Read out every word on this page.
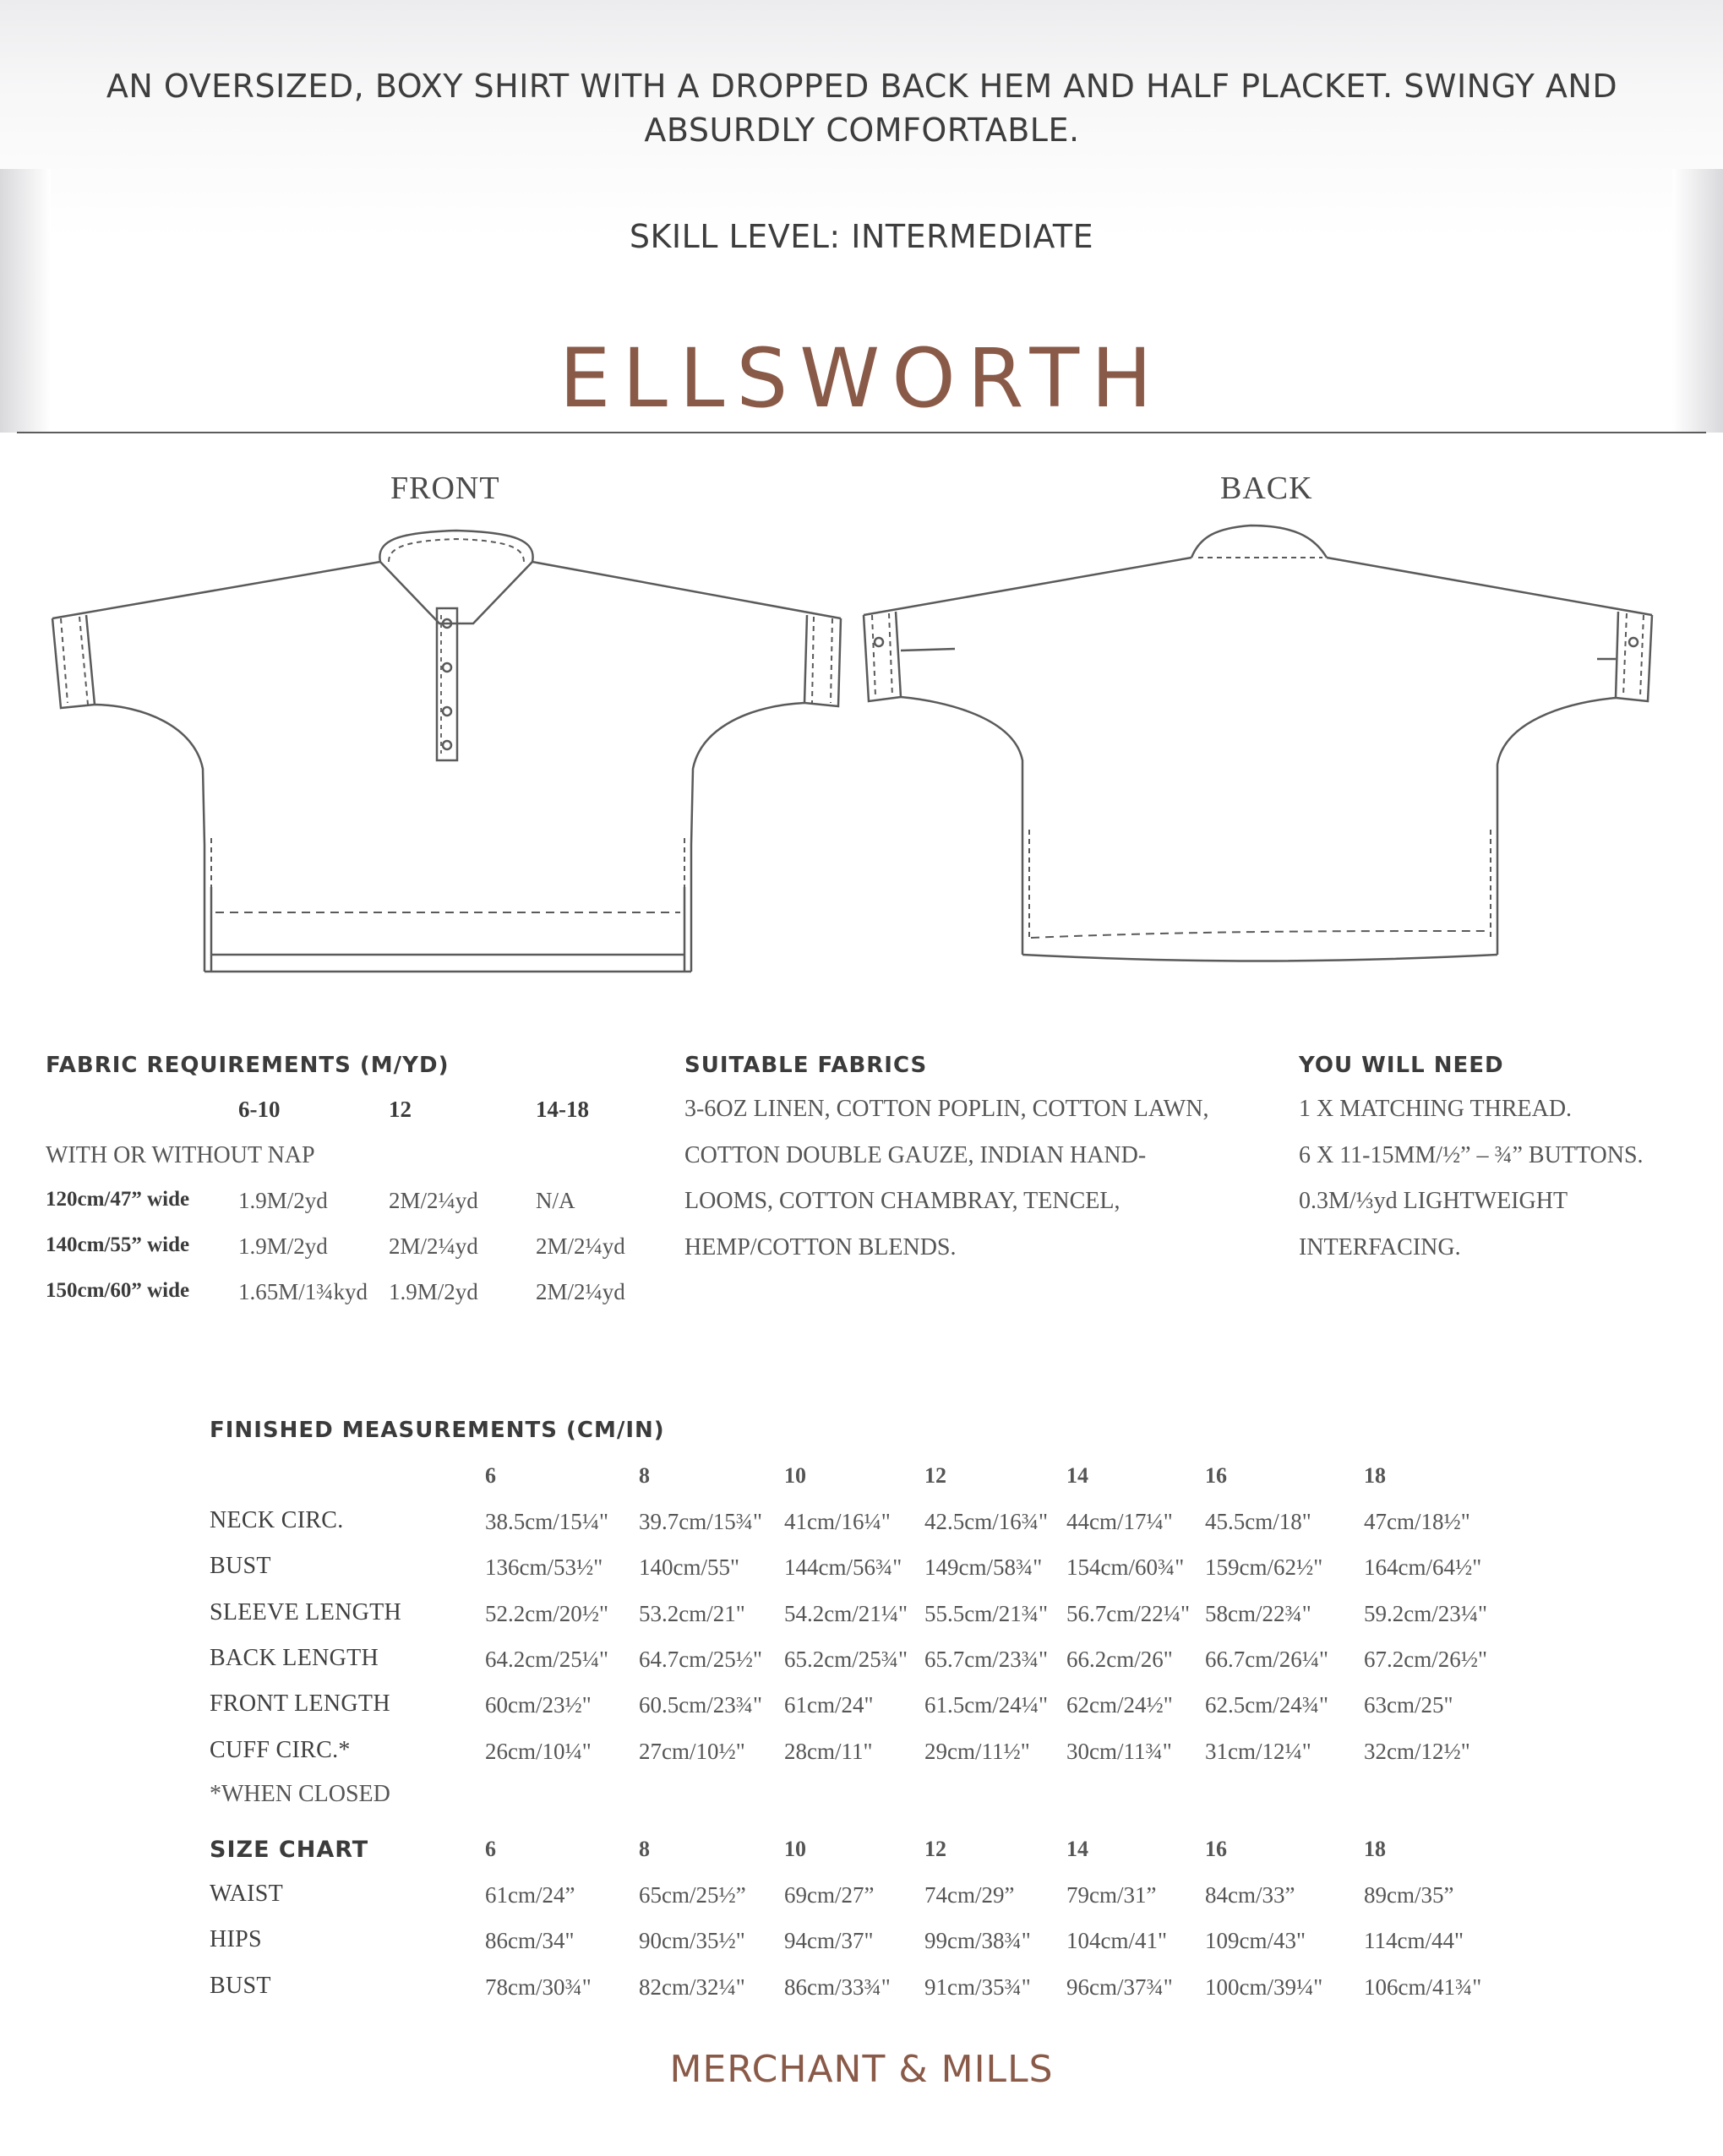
AN OVERSIZED, BOXY SHIRT WITH A DROPPED BACK HEM AND HALF PLACKET. SWINGY AND ABSURDLY COMFORTABLE.
SKILL LEVEL: INTERMEDIATE
ELLSWORTH
FRONT	BACK
FABRIC REQUIREMENTS (M/YD)
6-10	12	14-18
WITH OR WITHOUT NAP
120cm/47” wide 1.9M/2yd	2M/2¼yd	N/A
140cm/55” wide 1.9M/2yd	2M/2¼yd	2M/2¼yd
150cm/60” wide 1.65M/1¾kyd 1.9M/2yd	2M/2¼yd
SUITABLE FABRICS
3-6OZ LINEN, COTTON POPLIN, COTTON LAWN,
COTTON DOUBLE GAUZE, INDIAN HAND-
LOOMS, COTTON CHAMBRAY, TENCEL,
HEMP/COTTON BLENDS.
YOU WILL NEED
1 X MATCHING THREAD.
6 X 11-15MM/½” – ¾” BUTTONS.
0.3M/⅓yd LIGHTWEIGHT
INTERFACING.
FINISHED MEASUREMENTS (CM/IN)
6	8	10	12	14	16	18
NECK CIRC.	38.5cm/15¼" 39.7cm/15¾" 41cm/16¼" 42.5cm/16¾" 44cm/17¼" 45.5cm/18" 47cm/18½"
BUST	136cm/53½" 140cm/55" 144cm/56¾" 149cm/58¾" 154cm/60¾" 159cm/62½" 164cm/64½"
SLEEVE LENGTH	52.2cm/20½" 53.2cm/21" 54.2cm/21¼" 55.5cm/21¾" 56.7cm/22¼" 58cm/22¾" 59.2cm/23¼"
BACK LENGTH	64.2cm/25¼" 64.7cm/25½" 65.2cm/25¾" 65.7cm/23¾" 66.2cm/26" 66.7cm/26¼" 67.2cm/26½"
FRONT LENGTH	60cm/23½" 60.5cm/23¾" 61cm/24" 61.5cm/24¼" 62cm/24½" 62.5cm/24¾" 63cm/25"
CUFF CIRC.*	26cm/10¼" 27cm/10½" 28cm/11" 29cm/11½" 30cm/11¾" 31cm/12¼" 32cm/12½"
*WHEN CLOSED
SIZE CHART	6	8	10	12	14	16	18
WAIST	61cm/24”	65cm/25½” 69cm/27” 74cm/29” 79cm/31” 84cm/33”	89cm/35”
HIPS	86cm/34"	90cm/35½" 94cm/37" 99cm/38¾" 104cm/41" 109cm/43"	114cm/44"
BUST	78cm/30¾" 82cm/32¼" 86cm/33¾" 91cm/35¾" 96cm/37¾" 100cm/39¼" 106cm/41¾"
MERCHANT & MILLS
